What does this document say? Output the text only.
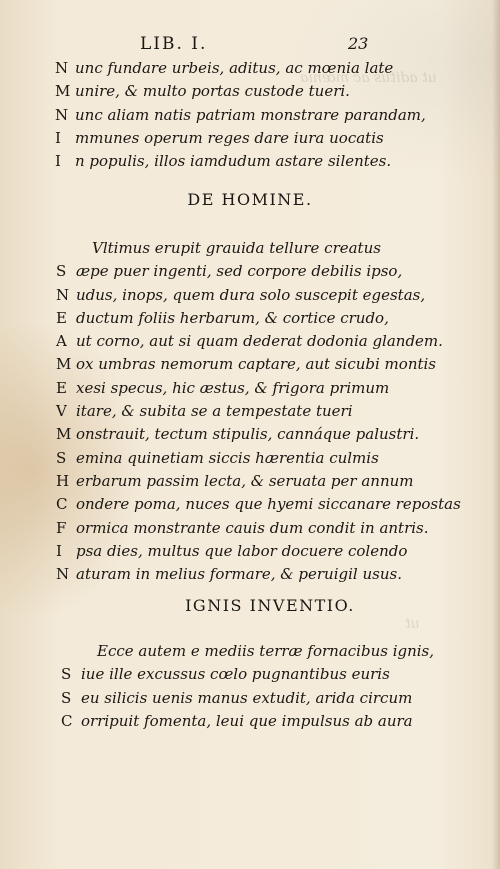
ut aditus ac mœnia
ut
LIB. I.	23
N unc fundare urbeis, aditus, ac mœnia late
M unire, & multo portas custode tueri.
N unc aliam natis patriam monstrare parandam,
I mmunes operum reges dare iura uocatis
I n populis, illos iamdudum astare silentes.
DE HOMINE.
Vltimus erupit grauida tellure creatus
S æpe puer ingenti, sed corpore debilis ipso,
N udus, inops, quem dura solo suscepit egestas,
E ductum foliis herbarum, & cortice crudo,
A ut corno, aut si quam dederat dodonia glandem.
M ox umbras nemorum captare, aut sicubi montis
E xesi specus, hic æstus, & frigora primum
V itare, & subita se a tempestate tueri
M onstrauit, tectum stipulis, cannáque palustri.
S emina quinetiam siccis hærentia culmis
H erbarum passim lecta, & seruata per annum
C ondere poma, nuces que hyemi siccanare repostas
F ormica monstrante cauis dum condit in antris.
I psa dies, multus que labor docuere colendo
N aturam in melius formare, & peruigil usus.
IGNIS INVENTIO.
Ecce autem e mediis terræ fornacibus ignis,
S iue ille excussus cœlo pugnantibus euris
S eu silicis uenis manus extudit, arida circum
C orripuit fomenta, leui que impulsus ab aura
